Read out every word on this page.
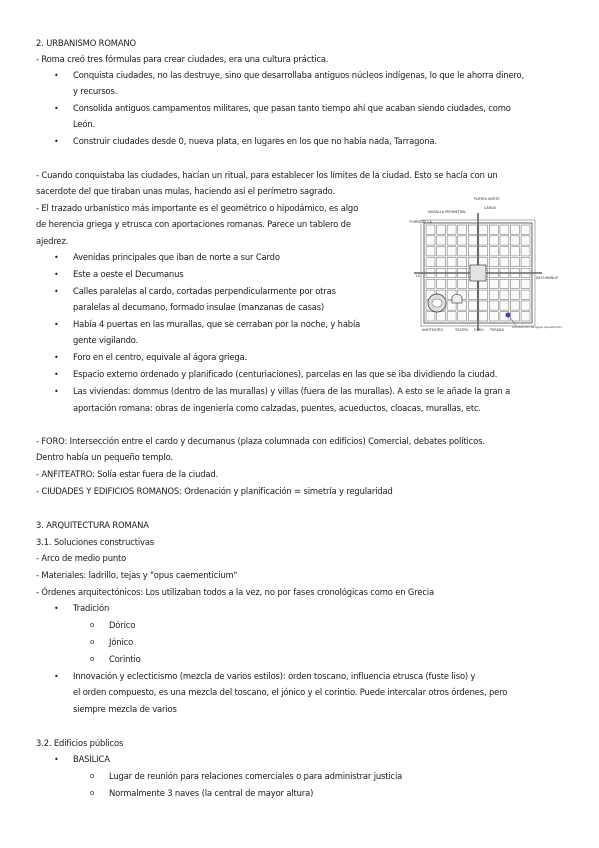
2. URBANISMO ROMANO
- Roma creó tres fórmulas para crear ciudades, era una cultura práctica.
• Conquista ciudades, no las destruye, sino que desarrollaba antiguos núcleos indígenas, lo que le ahorra dinero,
y recursos.
• Consolida antiguos campamentos militares, que pasan tanto tiempo ahí que acaban siendo ciudades, como
León.
• Construir ciudades desde 0, nueva plata, en lugares en los que no había nada, Tarragona.
- Cuando conquistaba las ciudades, hacían un ritual, para establecer los límites de la ciudad. Esto se hacía con un
sacerdote del que tiraban unas mulas, haciendo así el perímetro sagrado.
- El trazado urbanístico más importante es el geométrico o hipodámico, es algo
de herencia griega y etrusca con aportaciones romanas. Parece un tablero de
ajedrez.
• Avenidas principales que iban de norte a sur Cardo
• Este a oeste el Decumanus
• Calles paralelas al cardo, cortadas perpendicularmente por otras
paralelas al decumano, formado insulae (manzanas de casas)
• Había 4 puertas en las murallas, que se cerraban por la noche, y había
gente vigilando.
• Foro en el centro, equivale al ágora griega.
• Espacio externo ordenado y planificado (centuriaciones), parcelas en las que se iba dividiendo la ciudad.
• Las viviendas: dommus (dentro de las murallas) y villas (fuera de las murallas). A esto se le añade la gran a
aportación romana: obras de ingeniería como calzadas, puentes, acueductos, cloacas, murallas, etc.
- FORO: Intersección entre el cardo y decumanus (plaza columnada con edificios) Comercial, debates políticos.
Dentro había un pequeño templo.
- ANFITEATRO: Solía estar fuera de la ciudad.
- CIUDADES Y EDIFICIOS ROMANOS: Ordenación y planificación = simetría y regularidad
MURALLA PERIMETRAL
TORRE DE LA
LS
PUERTA NORTE
CARDO
DECUMANUS
ANFITEATRO	TEATRO FORO TERMAS
Conducción de agua (Acueducto)
3. ARQUITECTURA ROMANA
3.1. Soluciones constructivas
- Arco de medio punto
- Materiales: ladrillo, tejas y "opus caementicium"
- Órdenes arquitectónicos: Los utilizaban todos a la vez, no por fases cronológicas como en Grecia
• Tradición
o Dórico
o Jónico
o Corintio
• Innovación y eclecticismo (mezcla de varios estilos): orden toscano, influencia etrusca (fuste liso) y
el orden compuesto, es una mezcla del toscano, el jónico y el corintio. Puede intercalar otros órdenes, pero
siempre mezcla de varios
3.2. Edificios públicos
• BASÍLICA
o Lugar de reunión para relaciones comerciales o para administrar justicia
o Normalmente 3 naves (la central de mayor altura)
